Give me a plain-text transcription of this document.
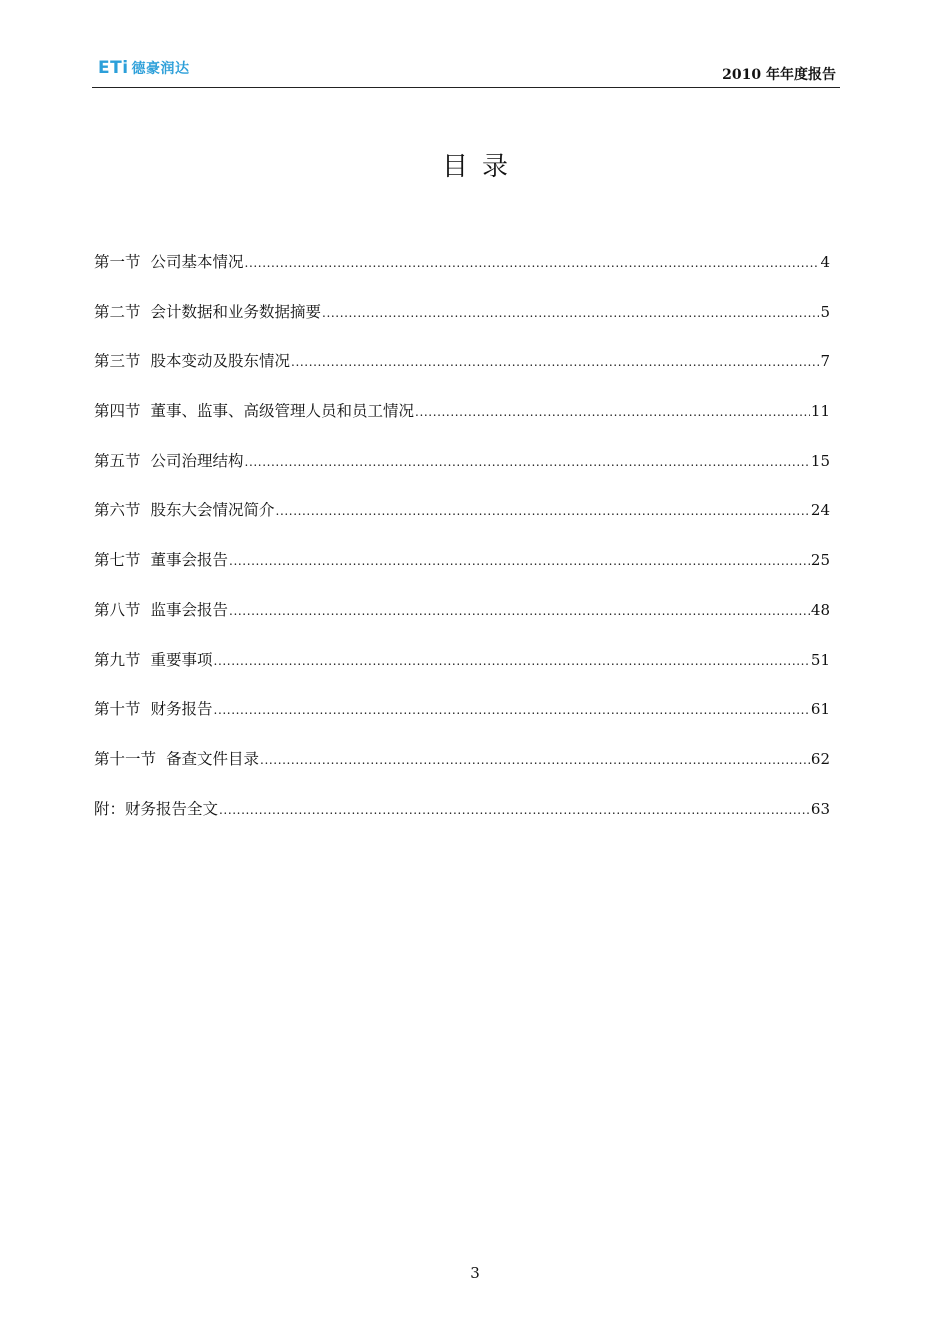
ETi 德豪润达	2010 年年度报告
目录
第一节 公司基本情况 .....	4
第二节 会计数据和业务数据摘要 .....	5
第三节 股本变动及股东情况 .....	7
第四节 董事、监事、高级管理人员和员工情况 .....	11
第五节 公司治理结构 .....	15
第六节 股东大会情况简介 .....	24
第七节 董事会报告 .....	25
第八节 监事会报告 .....	48
第九节 重要事项 .....	51
第十节 财务报告 .....	61
第十一节 备查文件目录 .....	62
附：财务报告全文 .....	63
3
